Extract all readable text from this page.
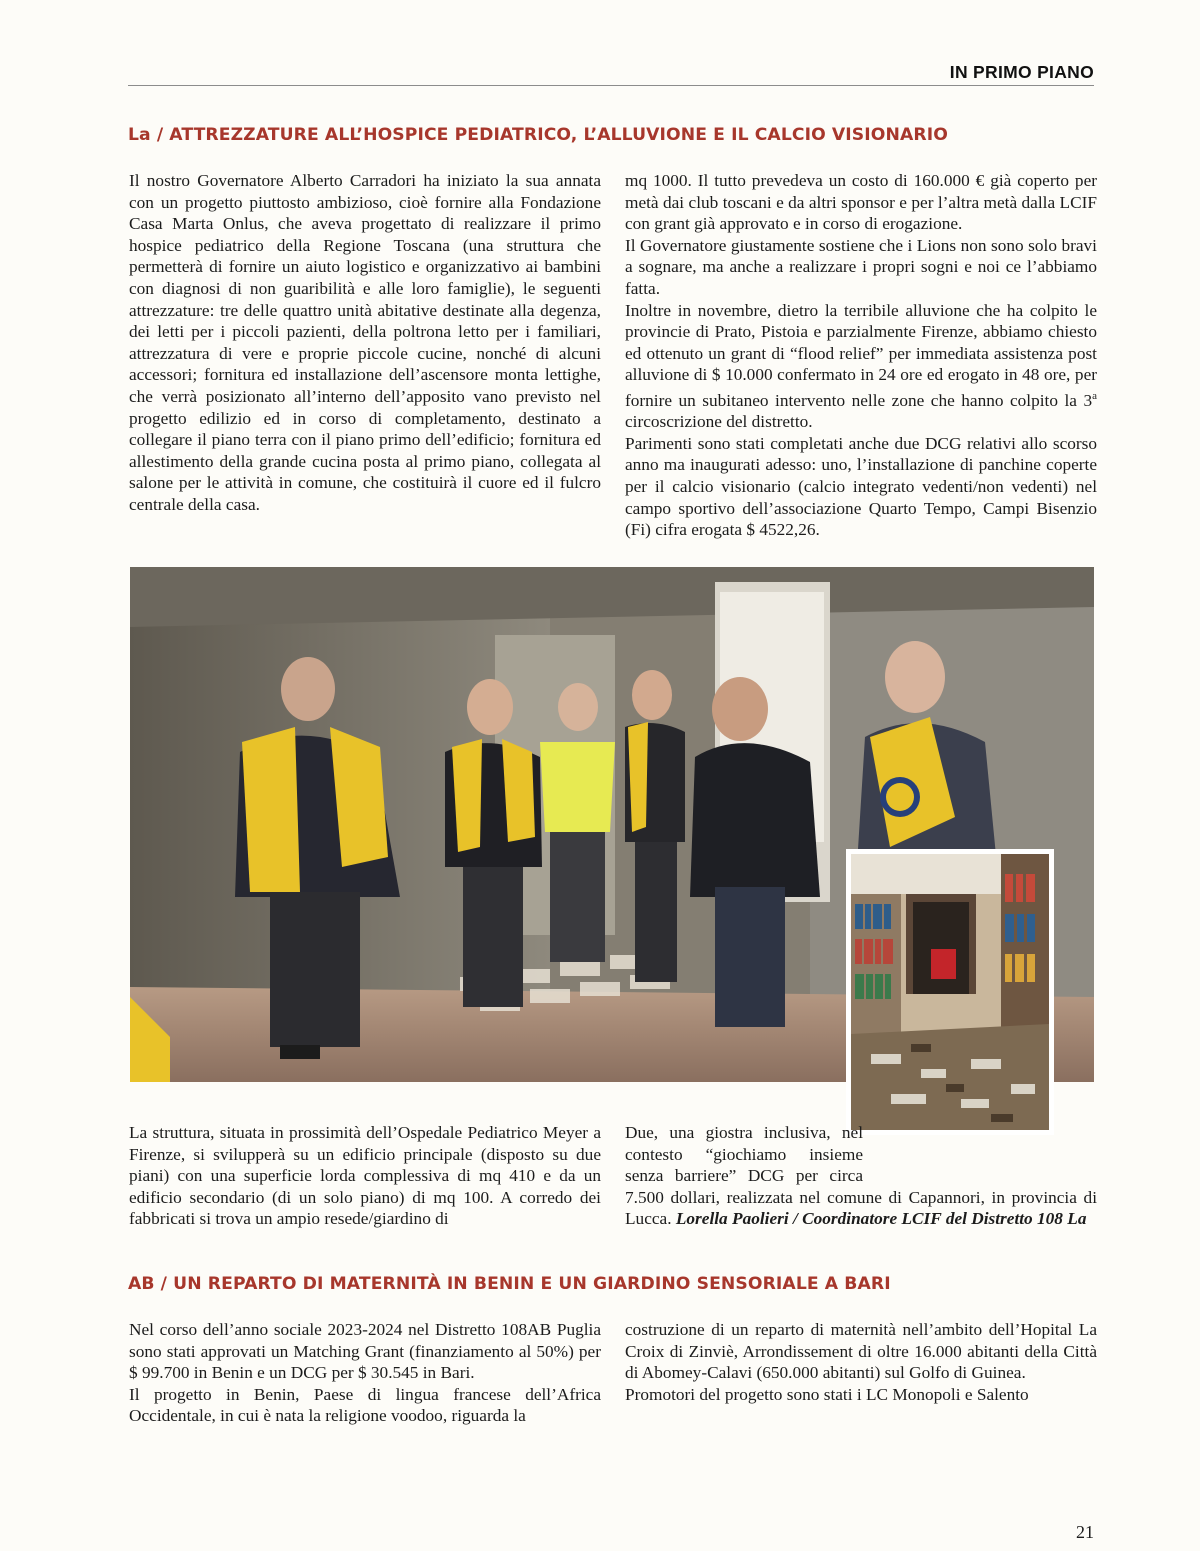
IN PRIMO PIANO
La / ATTREZZATURE ALL’HOSPICE PEDIATRICO, L’ALLUVIONE E IL CALCIO VISIONARIO

Il nostro Governatore Alberto Carradori ha iniziato la sua annata con un progetto piuttosto ambizioso, cioè fornire alla Fondazione Casa Marta Onlus, che aveva progettato di realizzare il primo hospice pediatrico della Regione Toscana (una struttura che permetterà di fornire un aiuto logistico e organizzativo ai bambini con diagnosi di non guaribilità e alle loro famiglie), le seguenti attrezzature: tre delle quattro unità abitative destinate alla degenza, dei letti per i piccoli pazienti, della poltrona letto per i familiari, attrezzatura di vere e proprie piccole cucine, nonché di alcuni accessori; fornitura ed installazione dell’ascensore monta lettighe, che verrà posizionato all’interno dell’apposito vano previsto nel progetto edilizio ed in corso di completamento, destinato a collegare il piano terra con il piano primo dell’edificio; fornitura ed allestimento della grande cucina posta al primo piano, collegata al salone per le attività in comune, che costituirà il cuore ed il fulcro centrale della casa.

mq 1000. Il tutto prevedeva un costo di 160.000 € già coperto per metà dai club toscani e da altri sponsor e per l’altra metà dalla LCIF con grant già approvato e in corso di erogazione.

Il Governatore giustamente sostiene che i Lions non sono solo bravi a sognare, ma anche a realizzare i propri sogni e noi ce l’abbiamo fatta.

Inoltre in novembre, dietro la terribile alluvione che ha colpito le provincie di Prato, Pistoia e parzialmente Firenze, abbiamo chiesto ed ottenuto un grant di “flood relief” per immediata assistenza post alluvione di $ 10.000 confermato in 24 ore ed erogato in 48 ore, per fornire un subitaneo intervento nelle zone che hanno colpito la 3$^a$ circoscrizione del distretto.

Parimenti sono stati completati anche due DCG relativi allo scorso anno ma inaugurati adesso: uno, l’installazione di panchine coperte per il calcio visionario (calcio integrato vedenti/non vedenti) nel campo sportivo dell’associazione Quarto Tempo, Campi Bisenzio (Fi) cifra erogata $ 4522,26.

La struttura, situata in prossimità dell’Ospedale Pediatrico Meyer a Firenze, si svilupperà su un edificio principale (disposto su due piani) con una superficie lorda complessiva di mq 410 e da un edificio secondario (di un solo piano) di mq 100. A corredo dei fabbricati si trova un ampio resede/giardino di

Due, una giostra inclusiva, nel contesto “giochiamo insieme senza barriere” DCG per circa 7.500 dollari, realizzata nel comune di Capannori, in provincia di Lucca. Lorella Paolieri / Coordinatore LCIF del Distretto 108 La

AB / UN REPARTO DI MATERNITÀ IN BENIN E UN GIARDINO SENSORIALE A BARI

Nel corso dell’anno sociale 2023-2024 nel Distretto 108AB Puglia sono stati approvati un Matching Grant (finanziamento al 50%) per $ 99.700 in Benin e un DCG per $ 30.545 in Bari.

Il progetto in Benin, Paese di lingua francese dell’Africa Occidentale, in cui è nata la religione voodoo, riguarda la

costruzione di un reparto di maternità nell’ambito dell’Hopital La Croix di Zinviè, Arrondissement di oltre 16.000 abitanti della Città di Abomey-Calavi (650.000 abitanti) sul Golfo di Guinea.

Promotori del progetto sono stati i LC Monopoli e Salento

21
